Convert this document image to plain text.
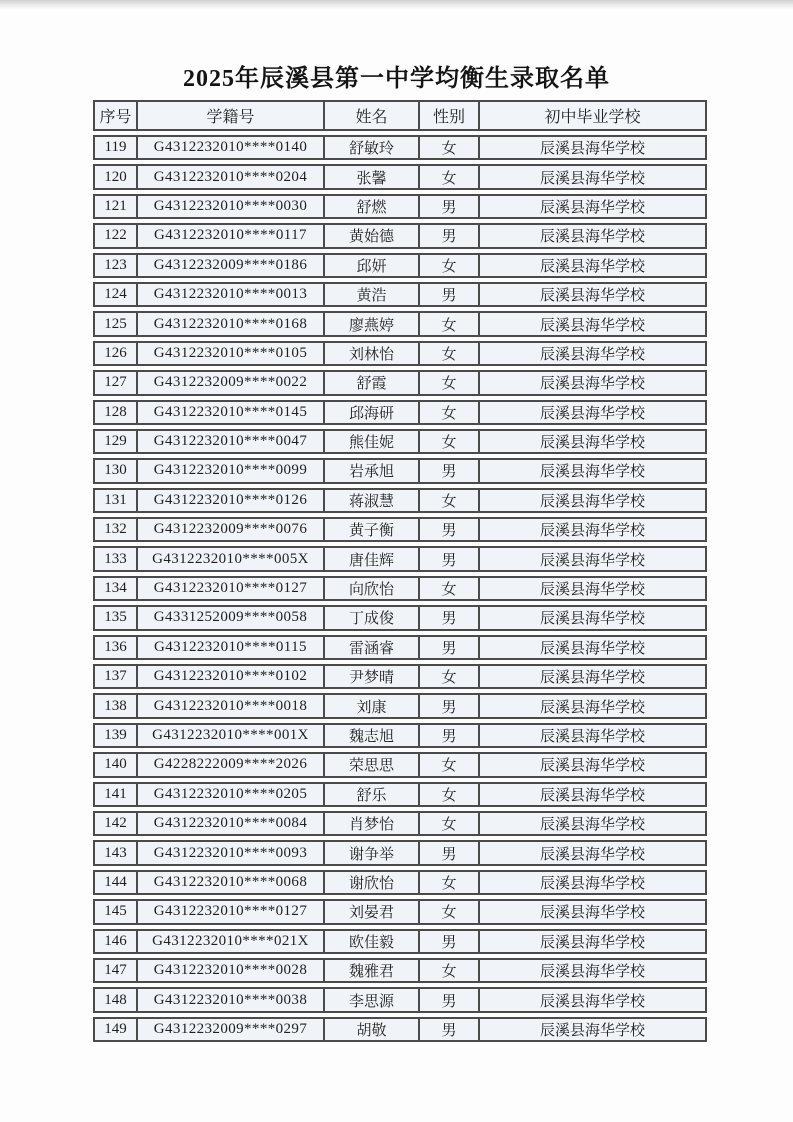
2025年辰溪县第一中学均衡生录取名单
序号	学籍号	姓名	性别	初中毕业学校
119	G4312232010****0140	舒敏玲	女	辰溪县海华学校
120	G4312232010****0204	张馨	女	辰溪县海华学校
121	G4312232010****0030	舒燃	男	辰溪县海华学校
122	G4312232010****0117	黄始德	男	辰溪县海华学校
123	G4312232009****0186	邱妍	女	辰溪县海华学校
124	G4312232010****0013	黄浩	男	辰溪县海华学校
125	G4312232010****0168	廖燕婷	女	辰溪县海华学校
126	G4312232010****0105	刘林怡	女	辰溪县海华学校
127	G4312232009****0022	舒霞	女	辰溪县海华学校
128	G4312232010****0145	邱海研	女	辰溪县海华学校
129	G4312232010****0047	熊佳妮	女	辰溪县海华学校
130	G4312232010****0099	岩承旭	男	辰溪县海华学校
131	G4312232010****0126	蒋淑慧	女	辰溪县海华学校
132	G4312232009****0076	黄子衡	男	辰溪县海华学校
133	G4312232010****005X	唐佳辉	男	辰溪县海华学校
134	G4312232010****0127	向欣怡	女	辰溪县海华学校
135	G4331252009****0058	丁成俊	男	辰溪县海华学校
136	G4312232010****0115	雷涵睿	男	辰溪县海华学校
137	G4312232010****0102	尹梦晴	女	辰溪县海华学校
138	G4312232010****0018	刘康	男	辰溪县海华学校
139	G4312232010****001X	魏志旭	男	辰溪县海华学校
140	G4228222009****2026	荣思思	女	辰溪县海华学校
141	G4312232010****0205	舒乐	女	辰溪县海华学校
142	G4312232010****0084	肖梦怡	女	辰溪县海华学校
143	G4312232010****0093	谢争举	男	辰溪县海华学校
144	G4312232010****0068	谢欣怡	女	辰溪县海华学校
145	G4312232010****0127	刘晏君	女	辰溪县海华学校
146	G4312232010****021X	欧佳毅	男	辰溪县海华学校
147	G4312232010****0028	魏雅君	女	辰溪县海华学校
148	G4312232010****0038	李思源	男	辰溪县海华学校
149	G4312232009****0297	胡敬	男	辰溪县海华学校
